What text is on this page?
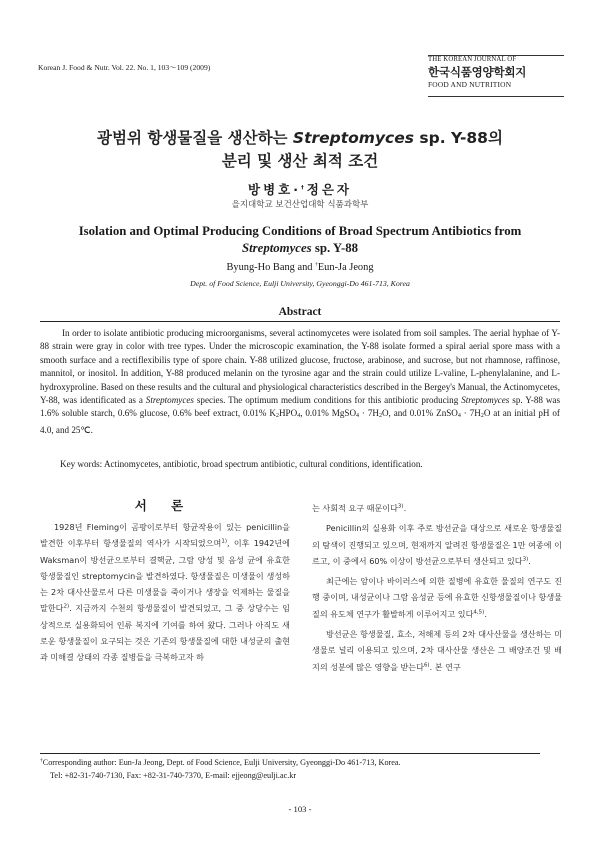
Korean J. Food & Nutr. Vol. 22. No. 1, 103～109 (2009)
THE KOREAN JOURNAL OF
한국식품영양학회지
FOOD AND NUTRITION
광범위 항생물질을 생산하는 Streptomyces sp. Y-88의
분리 및 생산 최적 조건
방병호·†정은자
을지대학교 보건산업대학 식품과학부
Isolation and Optimal Producing Conditions of Broad Spectrum Antibiotics from
Streptomyces sp. Y-88
Byung-Ho Bang and †Eun-Ja Jeong
Dept. of Food Science, Eulji University, Gyeonggi-Do 461-713, Korea
Abstract

In order to isolate antibiotic producing microorganisms, several actinomycetes were isolated from soil samples. The aerial hyphae of Y-88 strain were gray in color with tree types. Under the microscopic examination, the Y-88 isolate formed a spiral aerial spore mass with a smooth surface and a rectiflexibilis type of spore chain. Y-88 utilized glucose, fructose, arabinose, and sucrose, but not rhamnose, raffinose, mannitol, or inositol. In addition, Y-88 produced melanin on the tyrosine agar and the strain could utilize L-valine, L-phenylalanine, and L-hydroxyproline. Based on these results and the cultural and physiological characteristics described in the Bergey's Manual, the Actinomycetes, Y-88, was identificated as a Streptomyces species. The optimum medium conditions for this antibiotic producing Streptomyces sp. Y-88 was 1.6% soluble starch, 0.6% glucose, 0.6% beef extract, 0.01% K2HPO4, 0.01% MgSO4 · 7H2O, and 0.01% ZnSO4 · 7H2O at an initial pH of 4.0, and 25℃.

Key words: Actinomycetes, antibiotic, broad spectrum antibiotic, cultural conditions, identification.
서 론

1928년 Fleming이 곰팡이로부터 항균작용이 있는 penicillin을 발견한 이후부터 항생물질의 역사가 시작되었으며$^{1)}$, 이후 1942년에 Waksman이 방선균으로부터 결핵균, 그람 양성 및 음성 균에 유효한 항생물질인 streptomycin을 발견하였다. 항생물질은 미생물이 생성하는 2차 대사산물로서 다른 미생물을 죽이거나 생장을 억제하는 물질을 말한다$^{2)}$. 지금까지 수천의 항생물질이 발견되었고, 그 중 상당수는 임상적으로 실용화되어 인류 복지에 기여를 하여 왔다. 그러나 아직도 새로운 항생물질이 요구되는 것은 기존의 항생물질에 대한 내성균의 출현과 미해결 상태의 각종 질병들을 극복하고자 하

는 사회적 요구 때문이다$^{3)}$.

Penicillin의 실용화 이후 주로 방선균을 대상으로 새로운 항생물질의 탐색이 진행되고 있으며, 현재까지 알려진 항생물질은 1만 여종에 이르고, 이 중에서 60% 이상이 방선균으로부터 생산되고 있다$^{3)}$.

최근에는 암이나 바이러스에 의한 질병에 유효한 물질의 연구도 진행 중이며, 내성균이나 그람 음성균 등에 유효한 신항생물질이나 항생물질의 유도체 연구가 활발하게 이루어지고 있다$^{4,5)}$.

방선균은 항생물질, 효소, 저해제 등의 2차 대사산물을 생산하는 미생물로 널리 이용되고 있으며, 2차 대사산물 생산은 그 배양조건 및 배지의 성분에 많은 영향을 받는다$^{6)}$. 본 연구

†Corresponding author: Eun-Ja Jeong, Dept. of Food Science, Eulji University, Gyeonggi-Do 461-713, Korea.
Tel: +82-31-740-7130, Fax: +82-31-740-7370, E-mail: ejjeong@eulji.ac.kr
- 103 -
